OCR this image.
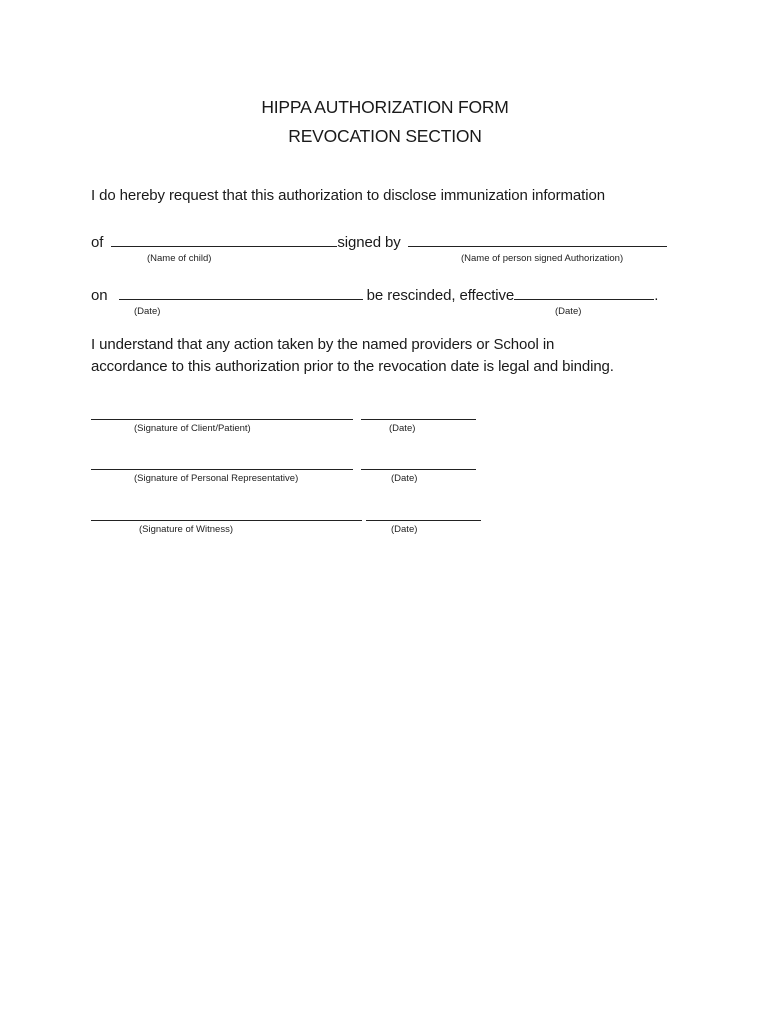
HIPPA AUTHORIZATION FORM
REVOCATION SECTION
I do hereby request that this authorization to disclose immunization information
of	signed by
(Name of child)	(Name of person signed Authorization)
on	be rescinded, effective	.
(Date)	(Date)
I understand that any action taken by the named providers or School in
accordance to this authorization prior to the revocation date is legal and binding.
(Signature of Client/Patient)	(Date)
(Signature of Personal Representative)	(Date)
(Signature of Witness)	(Date)
